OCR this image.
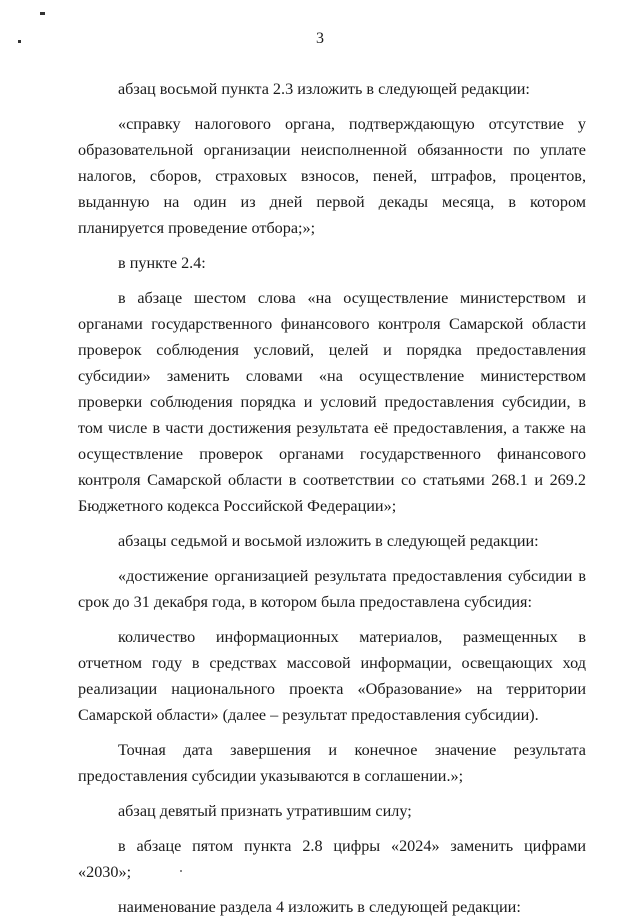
3

абзац восьмой пункта 2.3 изложить в следующей редакции:

«справку налогового органа, подтверждающую отсутствие у образовательной организации неисполненной обязанности по уплате налогов, сборов, страховых взносов, пеней, штрафов, процентов, выданную на один из дней первой декады месяца, в котором планируется проведение отбора;»;

в пункте 2.4:

в абзаце шестом слова «на осуществление министерством и органами государственного финансового контроля Самарской области проверок соблюдения условий, целей и порядка предоставления субсидии» заменить словами «на осуществление министерством проверки соблюдения порядка и условий предоставления субсидии, в том числе в части достижения результата её предоставления, а также на осуществление проверок органами государственного финансового контроля Самарской области в соответствии со статьями 268.1 и 269.2 Бюджетного кодекса Российской Федерации»;

абзацы седьмой и восьмой изложить в следующей редакции:

«достижение организацией результата предоставления субсидии в срок до 31 декабря года, в котором была предоставлена субсидия:

количество информационных материалов, размещенных в отчетном году в средствах массовой информации, освещающих ход реализации национального проекта «Образование» на территории Самарской области» (далее – результат предоставления субсидии).

Точная дата завершения и конечное значение результата предоставления субсидии указываются в соглашении.»;

абзац девятый признать утратившим силу;

в абзаце пятом пункта 2.8 цифры «2024» заменить цифрами «2030»;

наименование раздела 4 изложить в следующей редакции:
